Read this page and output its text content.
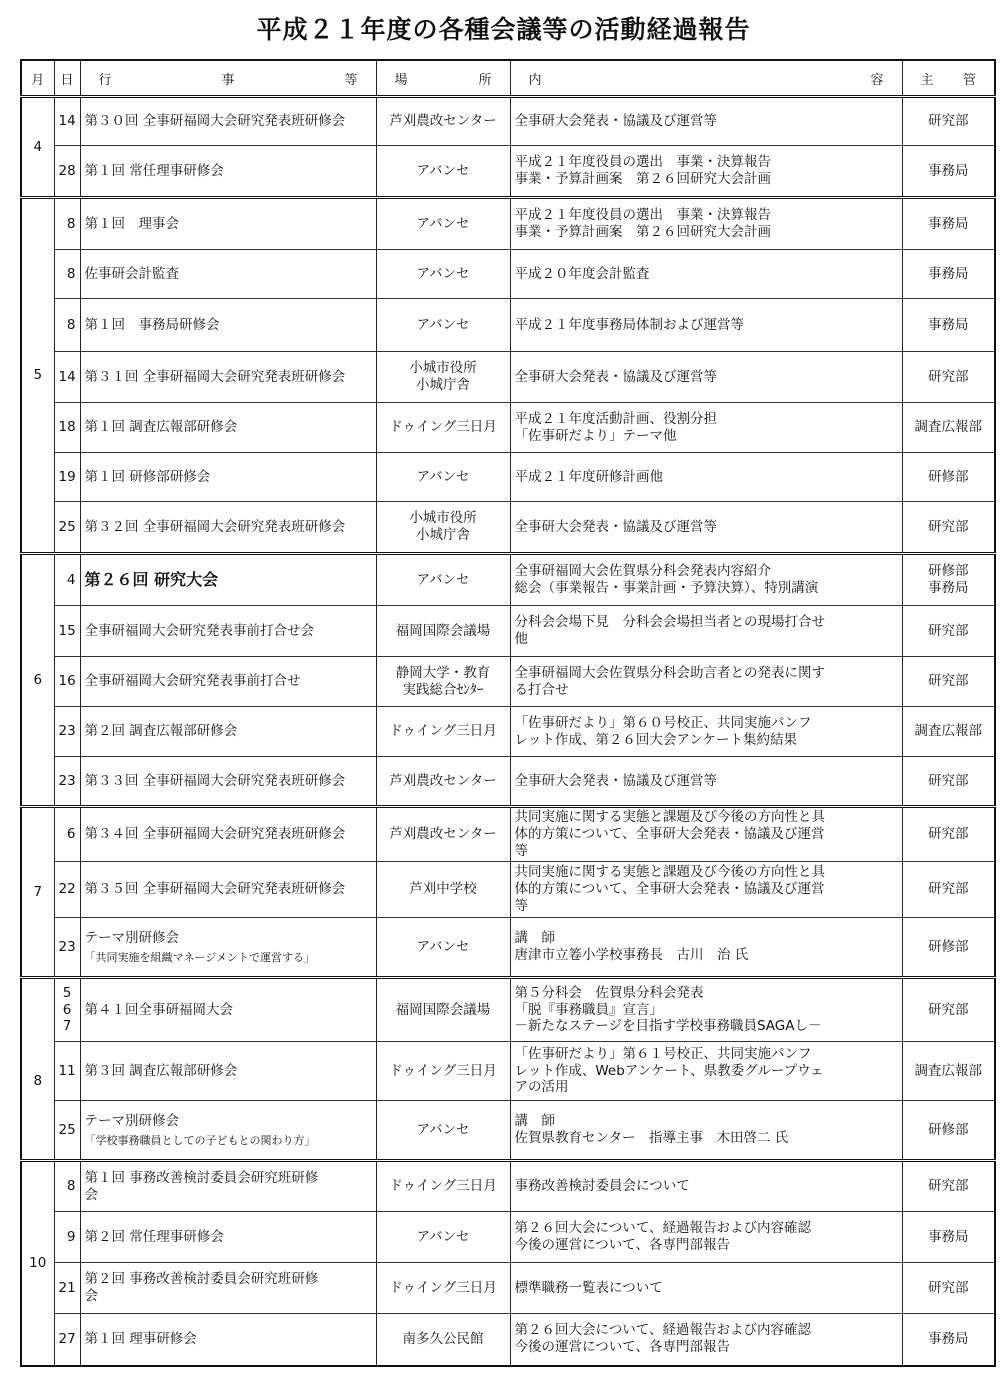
平成２１年度の各種会議等の活動経過報告
月	日	行 事 等	場 所	内 容	主 管

4	14	第３０回 全事研福岡大会研究発表班研修会	芦刈農改センター	全事研大会発表・協議及び運営等	研究部
	28	第１回 常任理事研修会	アバンセ	平成２１年度役員の選出　事業・決算報告
事業・予算計画案　第２６回研究大会計画	事務局
5	8	第１回　理事会	アバンセ	平成２１年度役員の選出　事業・決算報告
事業・予算計画案　第２６回研究大会計画	事務局
	8	佐事研会計監査	アバンセ	平成２０年度会計監査	事務局
	8	第１回　事務局研修会	アバンセ	平成２１年度事務局体制および運営等	事務局
	14	第３１回 全事研福岡大会研究発表班研修会	小城市役所
小城庁舎	全事研大会発表・協議及び運営等	研究部
	18	第１回 調査広報部研修会	ドゥイング三日月	平成２１年度活動計画、役割分担
「佐事研だより」テーマ他	調査広報部
	19	第１回 研修部研修会	アバンセ	平成２１年度研修計画他	研修部
	25	第３２回 全事研福岡大会研究発表班研修会	小城市役所
小城庁舎	全事研大会発表・協議及び運営等	研究部
6	4	第２６回 研究大会	アバンセ	全事研福岡大会佐賀県分科会発表内容紹介
総会（事業報告・事業計画・予算決算）、特別講演	研修部
事務局
	15	全事研福岡大会研究発表事前打合せ会	福岡国際会議場	分科会会場下見　分科会会場担当者との現場打合せ
他	研究部
	16	全事研福岡大会研究発表事前打合せ	静岡大学・教育
実践総合ｾﾝﾀｰ	全事研福岡大会佐賀県分科会助言者との発表に関す
る打合せ	研究部
	23	第２回 調査広報部研修会	ドゥイング三日月	「佐事研だより」第６０号校正、共同実施パンフ
レット作成、第２６回大会アンケート集約結果	調査広報部
	23	第３３回 全事研福岡大会研究発表班研修会	芦刈農改センター	全事研大会発表・協議及び運営等	研究部
7	6	第３４回 全事研福岡大会研究発表班研修会	芦刈農改センター	共同実施に関する実態と課題及び今後の方向性と具
体的方策について、全事研大会発表・協議及び運営
等	研究部
	22	第３５回 全事研福岡大会研究発表班研修会	芦刈中学校	共同実施に関する実態と課題及び今後の方向性と具
体的方策について、全事研大会発表・協議及び運営
等	研究部
	23	テーマ別研修会
「共同実施を組織マネージメントで運営する」	アバンセ	講　師
唐津市立箞小学校事務長　古川　治 氏	研修部
8	5
6
7	第４１回全事研福岡大会	福岡国際会議場	第５分科会　佐賀県分科会発表
「脱『事務職員』宣言」
－新たなステージを目指す学校事務職員SAGAし－	研究部
	11	第３回 調査広報部研修会	ドゥイング三日月	「佐事研だより」第６１号校正、共同実施パンフ
レット作成、Webアンケート、県教委グループウェ
アの活用	調査広報部
	25	テーマ別研修会
「学校事務職員としての子どもとの関わり方」	アバンセ	講　師
佐賀県教育センター　指導主事　木田啓二 氏	研修部
10	8	第１回 事務改善検討委員会研究班研修
会	ドゥイング三日月	事務改善検討委員会について	研究部
	9	第２回 常任理事研修会	アバンセ	第２６回大会について、経過報告および内容確認
今後の運営について、各専門部報告	事務局
	21	第２回 事務改善検討委員会研究班研修
会	ドゥイング三日月	標準職務一覧表について	研究部
	27	第１回 理事研修会	南多久公民館	第２６回大会について、経過報告および内容確認
今後の運営について、各専門部報告	事務局
